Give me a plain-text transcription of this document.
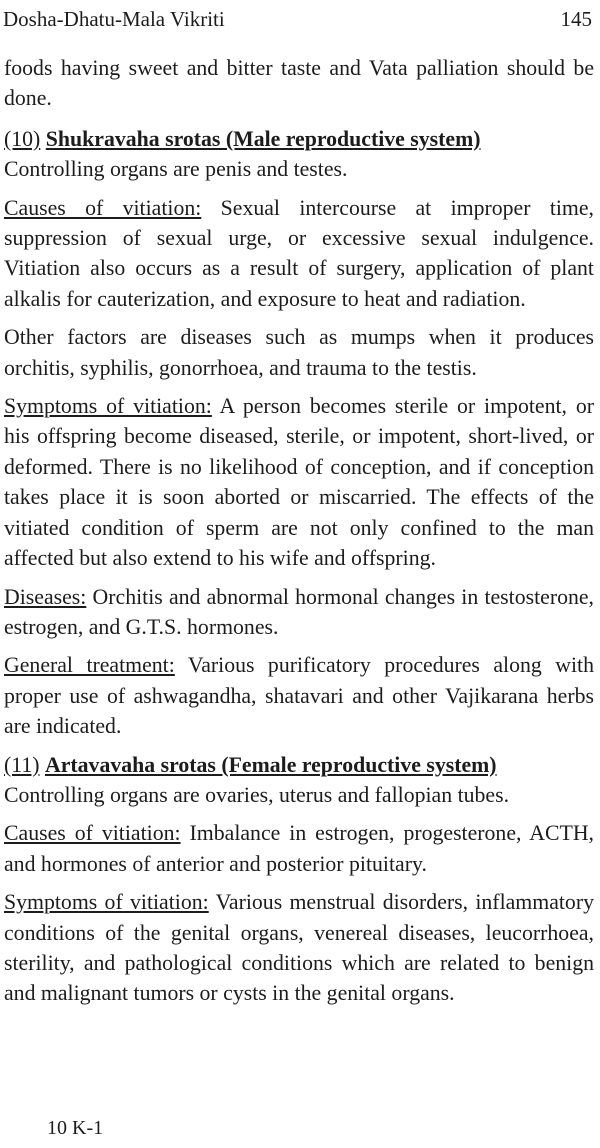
Dosha-Dhatu-Mala Vikriti	145

foods having sweet and bitter taste and Vata palliation should be done.

(10) Shukravaha srotas (Male reproductive system)

Controlling organs are penis and testes.

Causes of vitiation: Sexual intercourse at improper time, suppression of sexual urge, or excessive sexual indulgence. Vitiation also occurs as a result of surgery, application of plant alkalis for cauterization, and exposure to heat and radiation.

Other factors are diseases such as mumps when it produces orchitis, syphilis, gonorrhoea, and trauma to the testis.

Symptoms of vitiation: A person becomes sterile or impotent, or his offspring become diseased, sterile, or impotent, short-lived, or deformed. There is no likelihood of conception, and if conception takes place it is soon aborted or miscarried. The effects of the vitiated condition of sperm are not only confined to the man affected but also extend to his wife and offspring.

Diseases: Orchitis and abnormal hormonal changes in testosterone, estrogen, and G.T.S. hormones.

General treatment: Various purificatory procedures along with proper use of ashwagandha, shatavari and other Vajikarana herbs are indicated.

(11) Artavavaha srotas (Female reproductive system)

Controlling organs are ovaries, uterus and fallopian tubes.

Causes of vitiation: Imbalance in estrogen, progesterone, ACTH, and hormones of anterior and posterior pituitary.

Symptoms of vitiation: Various menstrual disorders, inflammatory conditions of the genital organs, venereal diseases, leucorrhoea, sterility, and pathological conditions which are related to benign and malignant tumors or cysts in the genital organs.

10 K-1
